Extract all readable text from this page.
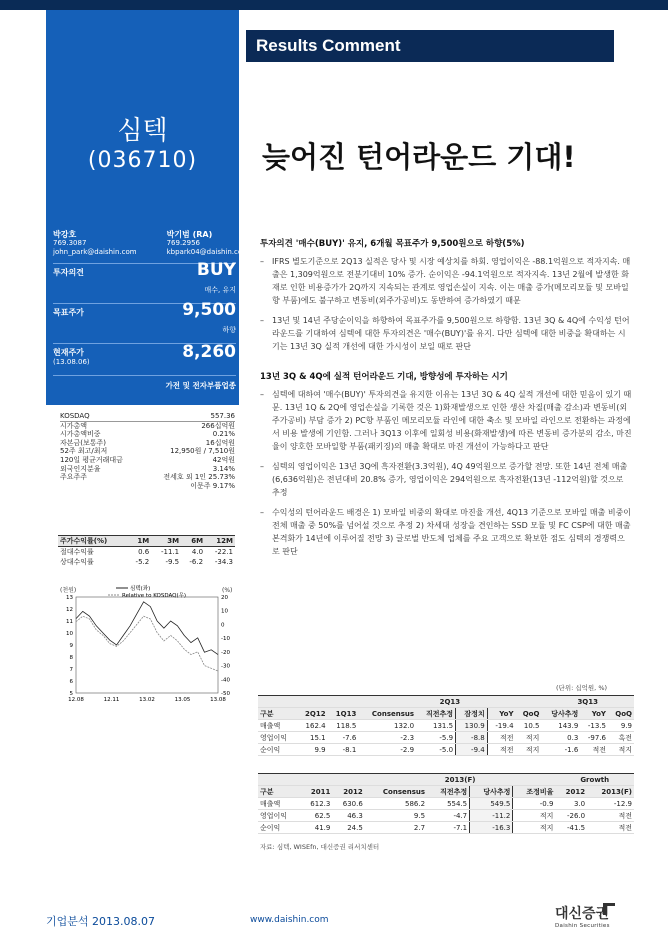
Results Comment
심텍
(036710)	늦어진 턴어라운드 기대!
박강호
769.3087
john_park@daishin.com
박기범 (RA)
769.2956
kbpark04@daishin.com
투자의견	BUY
매수, 유지
목표주가	9,500
하향
현재주가
(13.08.06)	8,260
가전 및 전자부품업종
KOSDAQ	557.36
시가총액	266십억원
시가총액비중	0.21%
자본금(보통주)	16십억원
52주 최고/최저	12,950원 / 7,510원
120일 평균거래대금	42억원
외국인지분율	3.14%
주요주주	전세호 외 1인 25.73%
이문주 9.17%
주가수익률(%)	1M	3M	6M	12M
절대수익률	0.6	-11.1	4.0	-22.1
상대수익률	-5.2	-9.5	-6.2	-34.3
(천원)	(%)
심텍(좌)
Relative to KOSDAQ(우)
13
12
11
10
9
8
7
6
5
20
10
0
-10
-20
-30
-40
-50
12.08	12.11	13.02	13.05	13.08
투자의견 '매수(BUY)' 유지, 6개월 목표주가 9,500원으로 하향(5%)
–	IFRS 별도기준으로 2Q13 실적은 당사 및 시장 예상치를 하회. 영업이익은 -88.1억원으로 적자지속. 매출은 1,309억원으로 전분기대비 10% 증가. 순이익은 -94.1억원으로 적자지속. 13년 2월에 발생한 화재로 인한 비용증가가 2Q까지 지속되는 관계로 영업손실이 지속. 이는 매출 증가(메모리모듈 및 모바일향 부품)에도 불구하고 변동비(외주가공비)도 동반하여 증가하였기 때문
–	13년 및 14년 주당순이익을 하향하여 목표주가를 9,500원으로 하향함. 13년 3Q & 4Q에 수익성 턴어라운드를 기대하여 심텍에 대한 투자의견은 '매수(BUY)'를 유지. 다만 심텍에 대한 비중을 확대하는 시기는 13년 3Q 실적 개선에 대한 가시성이 보일 때로 판단
13년 3Q & 4Q에 실적 턴어라운드 기대, 방향성에 투자하는 시기
–	심텍에 대하여 '매수(BUY)' 투자의견을 유지한 이유는 13년 3Q & 4Q 실적 개선에 대한 믿음이 있기 때문. 13년 1Q & 2Q에 영업손실을 기록한 것은 1)화재발생으로 인한 생산 차질(매출 감소)과 변동비(외주가공비) 부담 증가 2) PC향 부품인 메모리모듈 라인에 대한 축소 및 모바일 라인으로 전환하는 과정에서 비용 발생에 기인함. 그러나 3Q13 이후에 일회성 비용(화재발생)에 따른 변동비 증가분의 감소, 마진율이 양호한 모바일향 부품(패키징)의 매출 확대로 마진 개선이 가능하다고 판단
–	심텍의 영업이익은 13년 3Q에 흑자전환(3.3억원), 4Q 49억원으로 증가할 전망. 또한 14년 전체 매출(6,636억원)은 전년대비 20.8% 증가, 영업이익은 294억원으로 흑자전환(13년 -112억원)할 것으로 추정
–	수익성의 턴어라운드 배경은 1) 모바일 비중의 확대로 마진율 개선, 4Q13 기준으로 모바일 매출 비중이 전체 매출 중 50%를 넘어설 것으로 추정 2) 차세대 성장을 견인하는 SSD 모듈 및 FC CSP에 대한 매출 본격화가 14년에 이루어질 전망 3) 글로벌 반도체 업체를 주요 고객으로 확보한 점도 심텍의 경쟁력으로 판단
(단위: 십억원, %)
			2Q13					3Q13		
구분	2Q12	1Q13	Consensus	직전추정	잠정치	YoY	QoQ	당사추정	YoY	QoQ
매출액	162.4	118.5	132.0	131.5	130.9	-19.4	10.5	143.9	-13.5	9.9
영업이익	15.1	-7.6	-2.3	-5.9	-8.8	적전	적지	0.3	-97.6	흑전
순이익	9.9	-8.1	-2.9	-5.0	-9.4	적전	적지	-1.6	적전	적지
			2013(F)				Growth	
구분	2011	2012	Consensus	직전추정	당사추정	조정비율	2012	2013(F)
매출액	612.3	630.6	586.2	554.5	549.5	-0.9	3.0	-12.9
영업이익	62.5	46.3	9.5	-4.7	-11.2	적지	-26.0	적전
순이익	41.9	24.5	2.7	-7.1	-16.3	적지	-41.5	적전
자료: 심텍, WISEfn, 대신증권 리서치센터
기업분석 2013.08.07	www.daishin.com	대신증권
Daishin Securities
